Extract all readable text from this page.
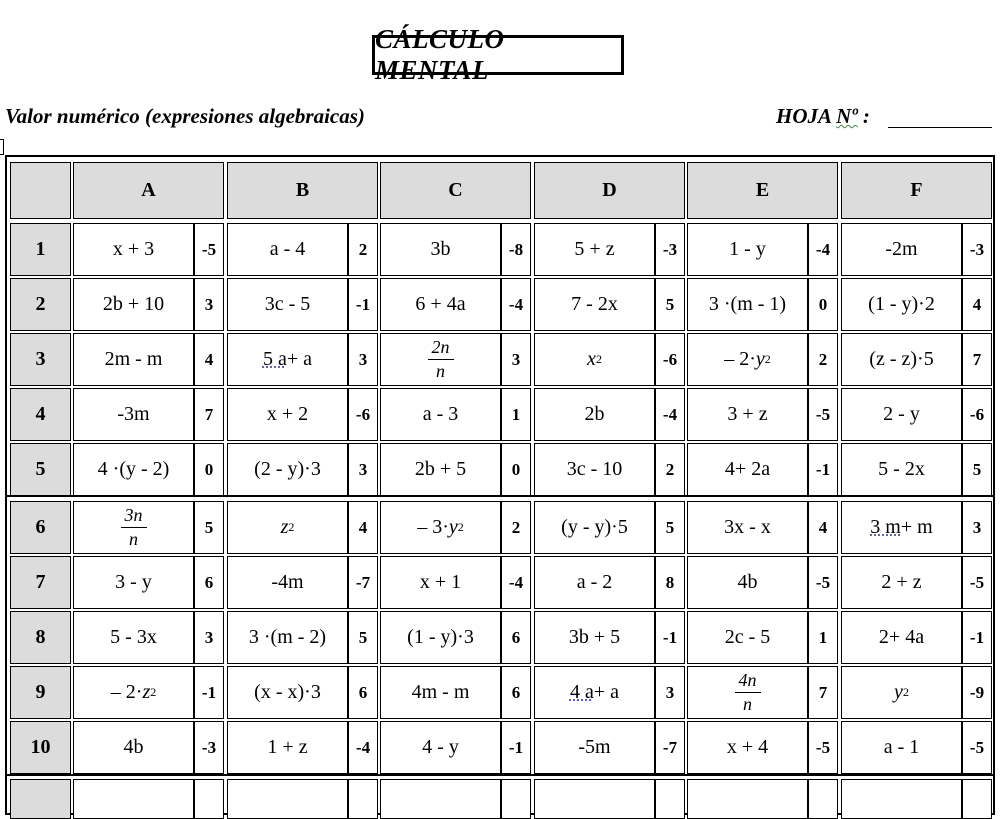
CÁLCULO MENTAL
Valor numérico (expresiones algebraicas)	HOJA Nº :
A	B	C	D	E	F
1	x + 3	-5	a - 4	2	3b	-8	5 + z	-3	1 - y	-4	-2m	-3
2	2b + 10	3	3c - 5	-1	6 + 4a	-4	7 - 2x	5	3 ·(m - 1)	0	(1 - y)·2	4
3	2m - m	4	5 a + a	3	$\frac{2n}{n}$	3	x 2	-6	– 2· y 2	2	(z - z)·5	7
4	-3m	7	x + 2	-6	a - 3	1	2b	-4	3 + z	-5	2 - y	-6
5	4 ·(y - 2)	0	(2 - y)·3	3	2b + 5	0	3c - 10	2	4+ 2a	-1	5 - 2x	5
6	$\frac{3n}{n}$	5	z 2	4	– 3· y 2	2	(y - y)·5	5	3x - x	4	3 m + m	3
7	3 - y	6	-4m	-7	x + 1	-4	a - 2	8	4b	-5	2 + z	-5
8	5 - 3x	3	3 ·(m - 2)	5	(1 - y)·3	6	3b + 5	-1	2c - 5	1	2+ 4a	-1
9	– 2· z 2	-1	(x - x)·3	6	4m - m	6	4 a + a	3	$\frac{4n}{n}$	7	y 2	-9
10	4b	-3	1 + z	-4	4 - y	-1	-5m	-7	x + 4	-5	a - 1	-5
